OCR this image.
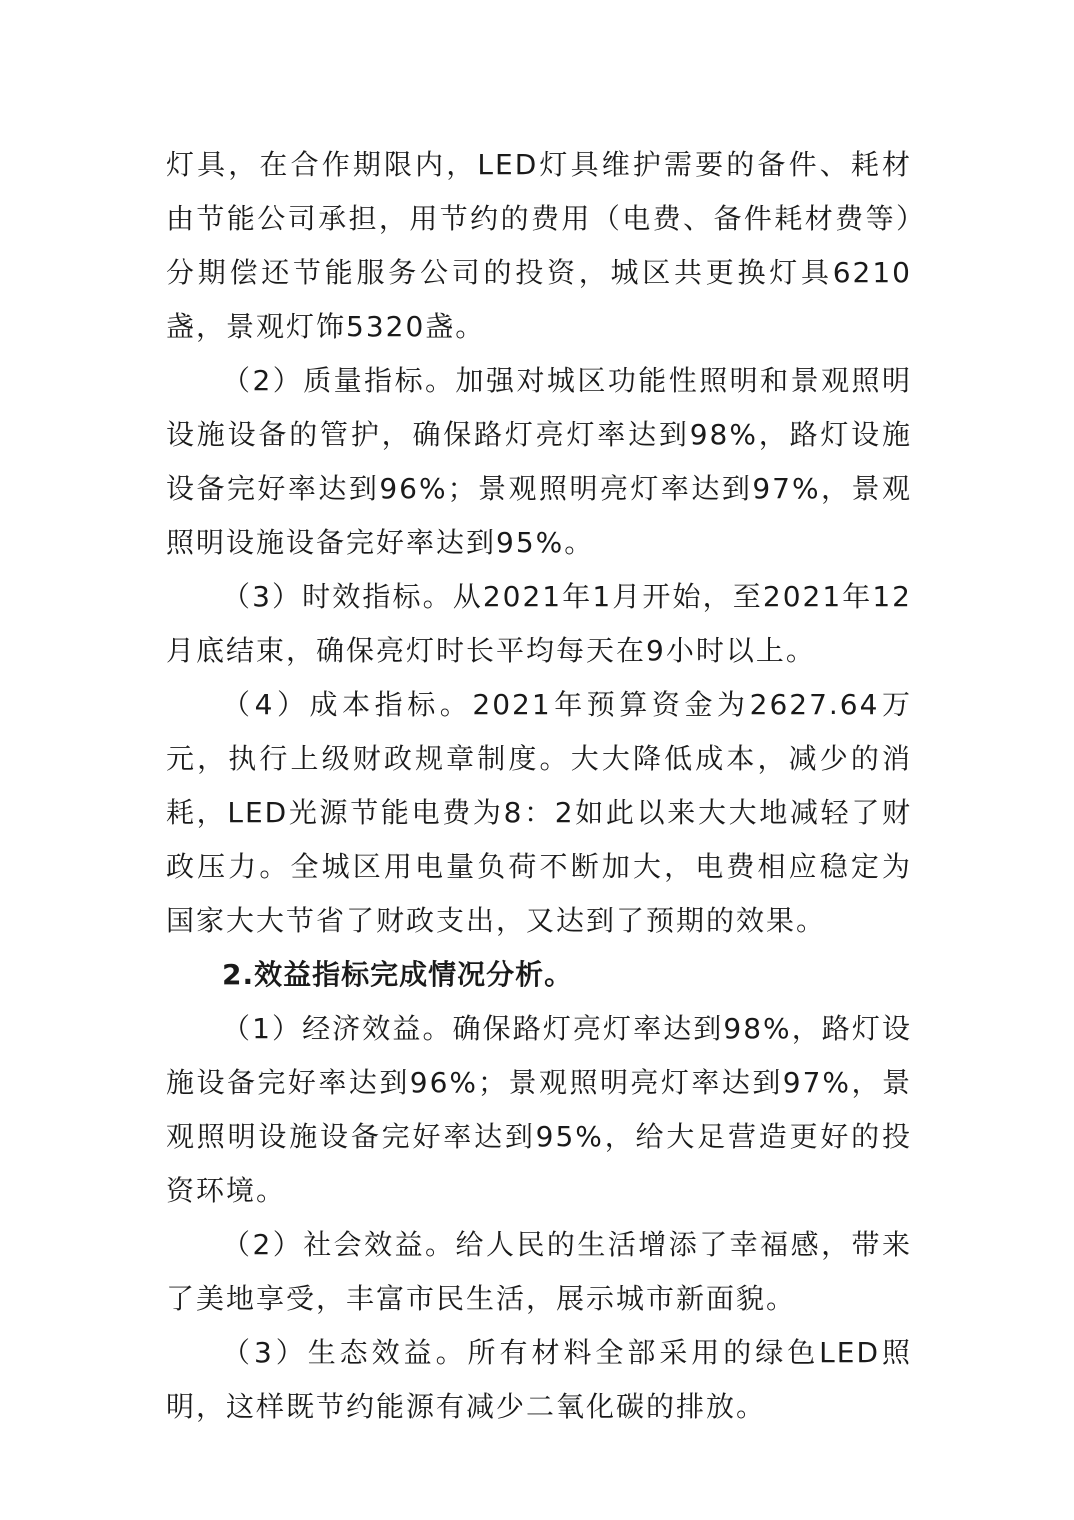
灯具，在合作期限内，LED灯具维护需要的备件、耗材由节能公司承担，用节约的费用（电费、备件耗材费等）分期偿还节能服务公司的投资，城区共更换灯具6210盏，景观灯饰5320盏。

（2）质量指标。加强对城区功能性照明和景观照明设施设备的管护，确保路灯亮灯率达到98%，路灯设施设备完好率达到96%；景观照明亮灯率达到97%，景观照明设施设备完好率达到95%。

（3）时效指标。从2021年1月开始，至2021年12月底结束，确保亮灯时长平均每天在9小时以上。

（4）成本指标。2021年预算资金为2627.64万元，执行上级财政规章制度。大大降低成本，减少的消耗，LED光源节能电费为8：2如此以来大大地减轻了财政压力。全城区用电量负荷不断加大，电费相应稳定为国家大大节省了财政支出，又达到了预期的效果。

2.效益指标完成情况分析。

（1）经济效益。确保路灯亮灯率达到98%，路灯设施设备完好率达到96%；景观照明亮灯率达到97%，景观照明设施设备完好率达到95%，给大足营造更好的投资环境。

（2）社会效益。给人民的生活增添了幸福感，带来了美地享受，丰富市民生活，展示城市新面貌。

（3）生态效益。所有材料全部采用的绿色LED照明，这样既节约能源有减少二氧化碳的排放。
